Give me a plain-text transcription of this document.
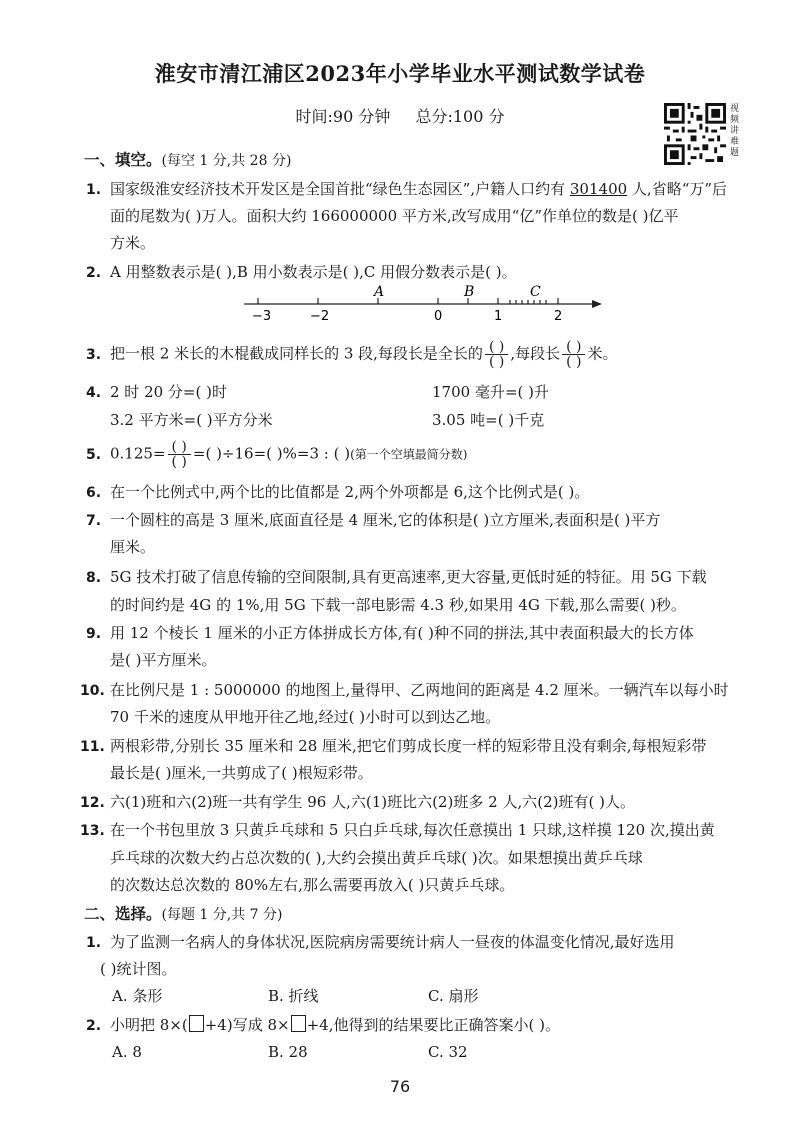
淮安市清江浦区2023年小学毕业水平测试数学试卷
时间:90 分钟 总分:100 分	视频讲难题
一、填空。(每空 1 分,共 28 分)
1. 国家级淮安经济技术开发区是全国首批“绿色生态园区”,户籍人口约有 301400 人,省略“万”后
面的尾数为( )万人。面积大约 166000000 平方米,改写成用“亿”作单位的数是( )亿平
方米。
2. A 用整数表示是( ),B 用小数表示是( ),C 用假分数表示是( )。
−3	−2	0	1	2
A	B	C
3. 把一根 2 米长的木棍截成同样长的 3 段,每段长是全长的 $\frac{( )}{( )}$ ,每段长 $\frac{( )}{( )}$ 米。
4. 2 时 20 分=( )时	1700 毫升=( )升
3.2 平方米=( )平方分米	3.05 吨=( )千克
5. $0.125= \frac{( )}{( )}$ =( )÷16=( )%=3 : ( )(第一个空填最简分数)
6. 在一个比例式中,两个比的比值都是 2,两个外项都是 6,这个比例式是( )。
7. 一个圆柱的高是 3 厘米,底面直径是 4 厘米,它的体积是( )立方厘米,表面积是( )平方
厘米。
8. 5G 技术打破了信息传输的空间限制,具有更高速率,更大容量,更低时延的特征。用 5G 下载
的时间约是 4G 的 1%,用 5G 下载一部电影需 4.3 秒,如果用 4G 下载,那么需要( )秒。
9. 用 12 个棱长 1 厘米的小正方体拼成长方体,有( )种不同的拼法,其中表面积最大的长方体
是( )平方厘米。
10. 在比例尺是 1 : 5000000 的地图上,量得甲、乙两地间的距离是 4.2 厘米。一辆汽车以每小时
70 千米的速度从甲地开往乙地,经过( )小时可以到达乙地。
11. 两根彩带,分别长 35 厘米和 28 厘米,把它们剪成长度一样的短彩带且没有剩余,每根短彩带
最长是( )厘米,一共剪成了( )根短彩带。
12. 六(1)班和六(2)班一共有学生 96 人,六(1)班比六(2)班多 2 人,六(2)班有( )人。
13. 在一个书包里放 3 只黄乒乓球和 5 只白乒乓球,每次任意摸出 1 只球,这样摸 120 次,摸出黄
乒乓球的次数大约占总次数的( ),大约会摸出黄乒乓球( )次。如果想摸出黄乒乓球
的次数达总次数的 80%左右,那么需要再放入( )只黄乒乓球。
二、选择。(每题 1 分,共 7 分)
1. 为了监测一名病人的身体状况,医院病房需要统计病人一昼夜的体温变化情况,最好选用
( )统计图。
A. 条形	B. 折线	C. 扇形
2. 小明把 8×( +4)写成 8× +4,他得到的结果要比正确答案小( )。
A. 8	B. 28	C. 32
76
